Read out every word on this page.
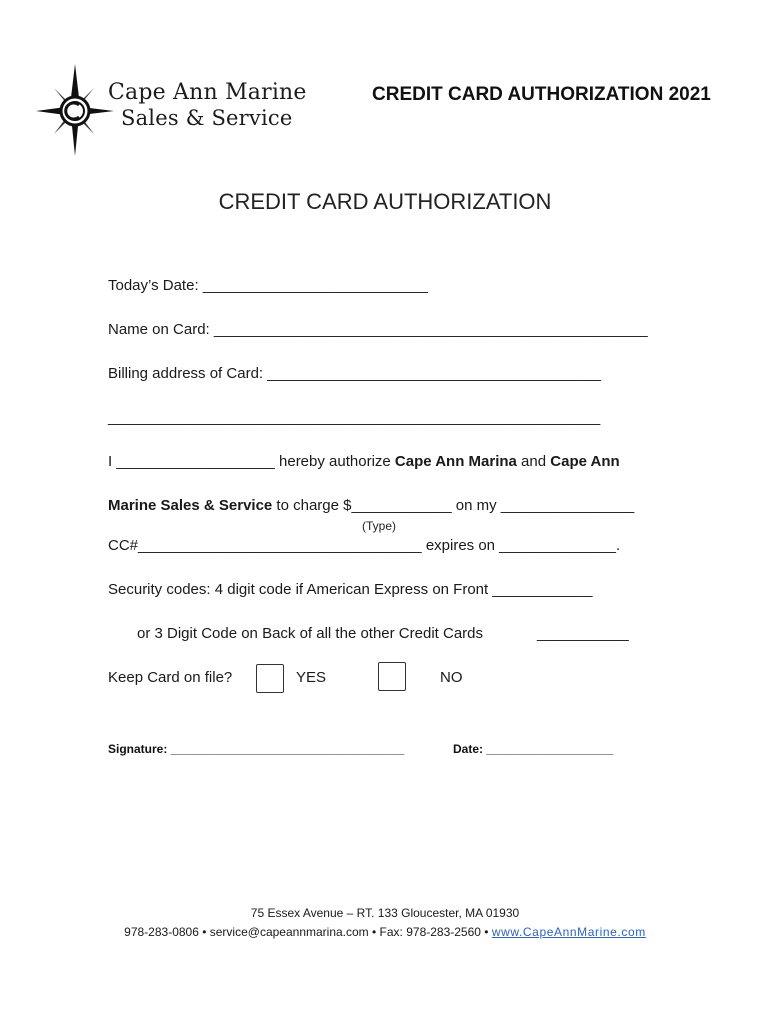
Cape Ann Marine
Sales & Service
CREDIT CARD AUTHORIZATION 2021
CREDIT CARD AUTHORIZATION
Today’s Date: ___________________________
Name on Card: ____________________________________________________
Billing address of Card: ________________________________________
___________________________________________________________
I ___________________ hereby authorize Cape Ann Marina and Cape Ann
Marine Sales & Service to charge $____________ on my ________________
(Type)
CC#__________________________________ expires on ______________.
Security codes: 4 digit code if American Express on Front ____________
or 3 Digit Code on Back of all the other Credit Cards	___________
Keep Card on file?	YES	NO
Signature: ___________________________________	Date: ___________________
75 Essex Avenue – RT. 133 Gloucester, MA 01930
978-283-0806 • service@capeannmarina.com • Fax: 978-283-2560 • www.CapeAnnMarine.com
